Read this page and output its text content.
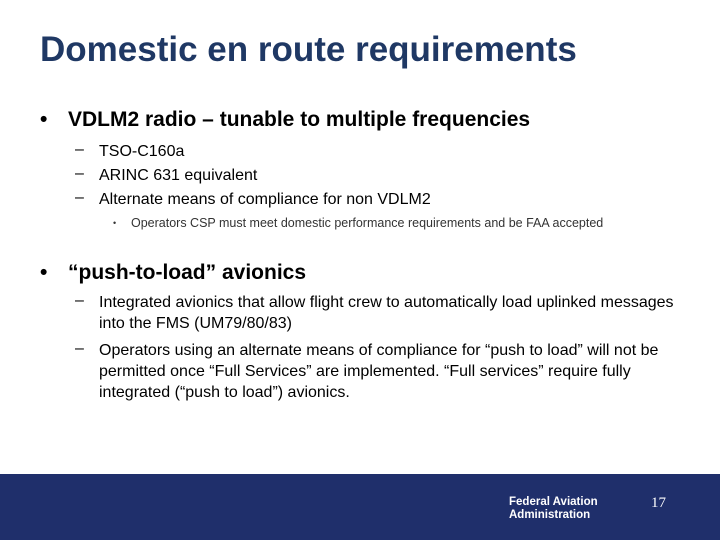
Domestic en route requirements
• VDLM2 radio – tunable to multiple frequencies
– TSO-C160a
– ARINC 631 equivalent
– Alternate means of compliance for non VDLM2
• Operators CSP must meet domestic performance requirements and be FAA accepted
• “push-to-load” avionics
– Integrated avionics that allow flight crew to automatically load uplinked messages into the FMS (UM79/80/83)
– Operators using an alternate means of compliance for “push to load” will not be permitted once “Full Services” are implemented. “Full services” require fully integrated (“push to load”) avionics.
Federal Aviation
Administration
17
